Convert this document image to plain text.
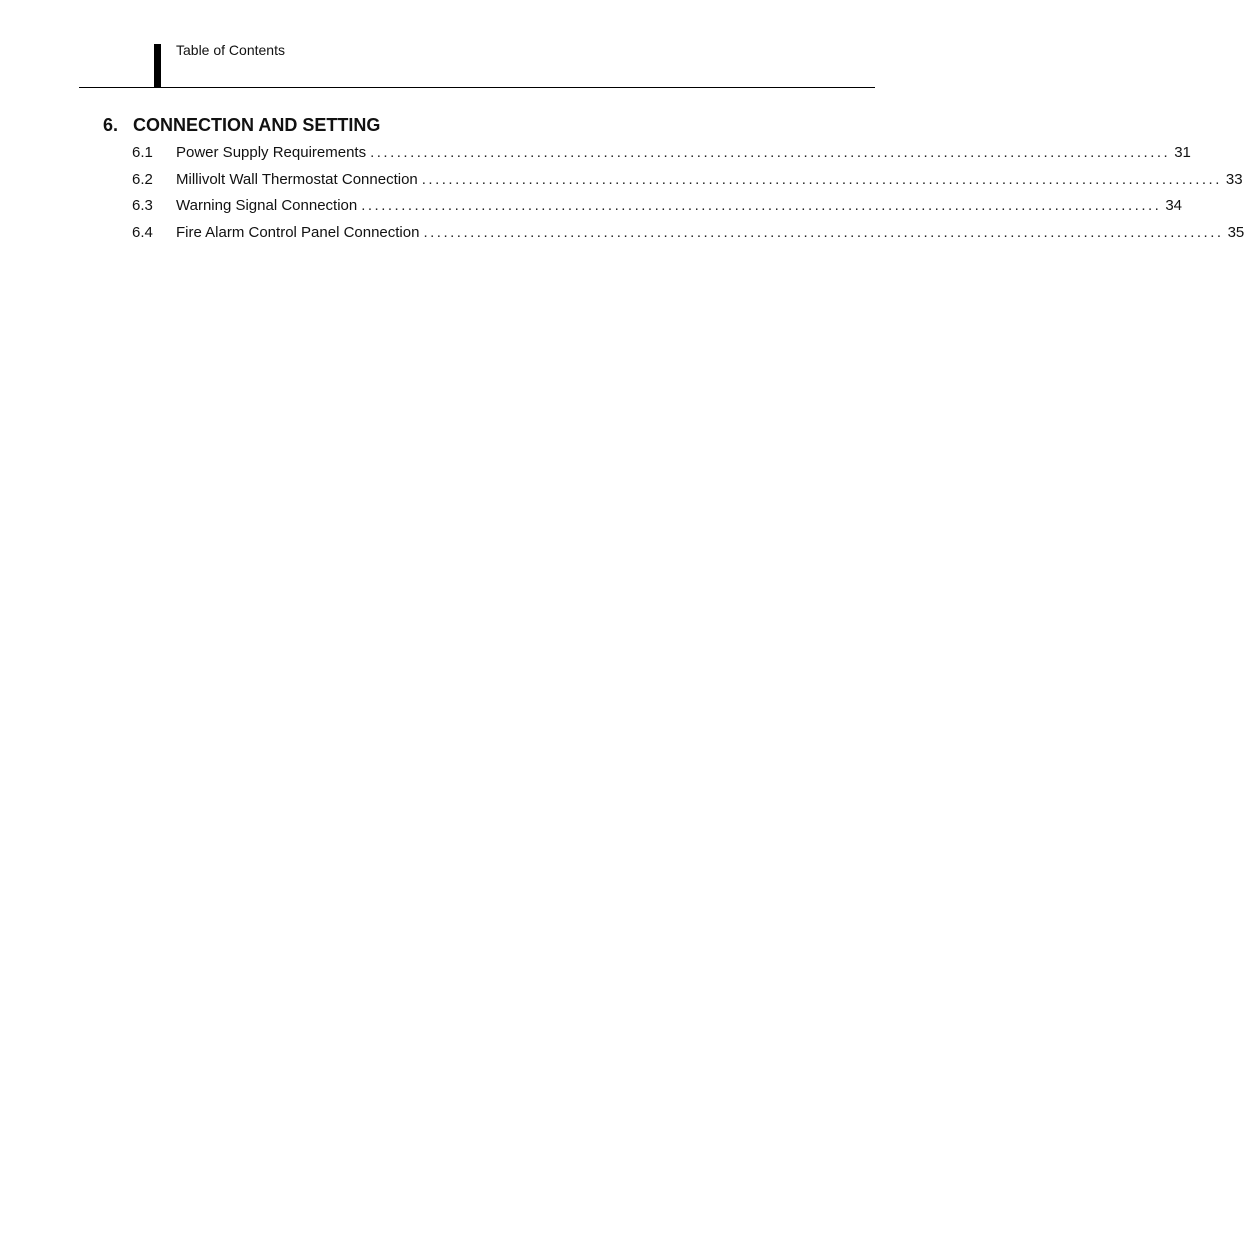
Table of Contents
6. CONNECTION AND SETTING
6.1	Power Supply Requirements ........................................................................................................................ 31
6.2	Millivolt Wall Thermostat Connection ........................................................................................................................ 33
6.3	Warning Signal Connection ........................................................................................................................ 34
6.4	Fire Alarm Control Panel Connection ........................................................................................................................ 35
